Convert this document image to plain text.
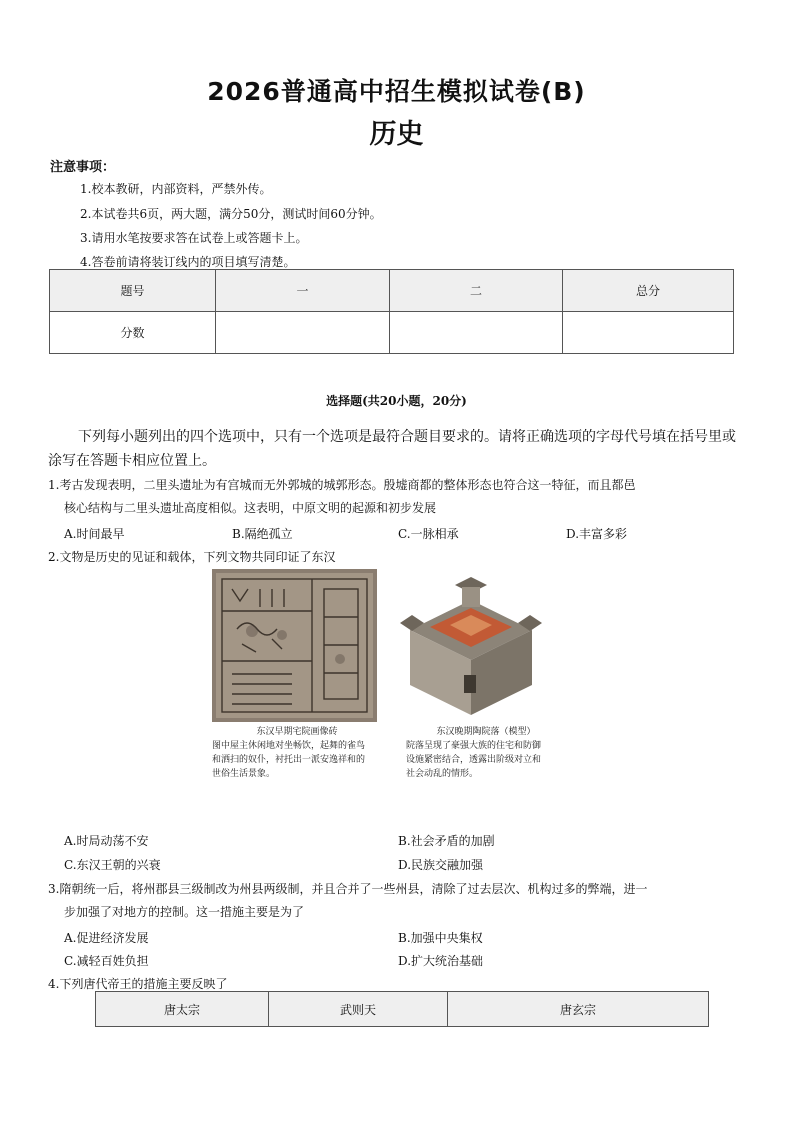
2026普通高中招生模拟试卷(B)
历史
注意事项：
1.校本教研，内部资料，严禁外传。
2.本试卷共6页，两大题，满分50分，测试时间60分钟。
3.请用水笔按要求答在试卷上或答题卡上。
4.答卷前请将装订线内的项目填写清楚。
题号	一	二	总分
分数			
选择题(共20小题，20分)
下列每小题列出的四个选项中，只有一个选项是最符合题目要求的。请将正确选项的字母代号填在括号里或涂写在答题卡相应位置上。
1.考古发现表明，二里头遗址为有宫城而无外郭城的城郭形态。殷墟商都的整体形态也符合这一特征，而且都邑
核心结构与二里头遗址高度相似。这表明，中原文明的起源和初步发展
A.时间最早	B.隔绝孤立	C.一脉相承	D.丰富多彩
2.文物是历史的见证和载体，下列文物共同印证了东汉
东汉早期宅院画像砖
图中屋主休闲地对坐畅饮，起舞的雀鸟
和洒扫的奴仆，衬托出一派安逸祥和的
世俗生活景象。
东汉晚期陶院落（模型）
院落呈现了豪强大族的住宅和防御
设施紧密结合，透露出阶级对立和
社会动乱的情形。
A.时局动荡不安	B.社会矛盾的加剧
C.东汉王朝的兴衰	D.民族交融加强
3.隋朝统一后，将州郡县三级制改为州县两级制，并且合并了一些州县，清除了过去层次、机构过多的弊端，进一
步加强了对地方的控制。这一措施主要是为了
A.促进经济发展	B.加强中央集权
C.减轻百姓负担	D.扩大统治基础
4.下列唐代帝王的措施主要反映了
唐太宗	武则天	唐玄宗
